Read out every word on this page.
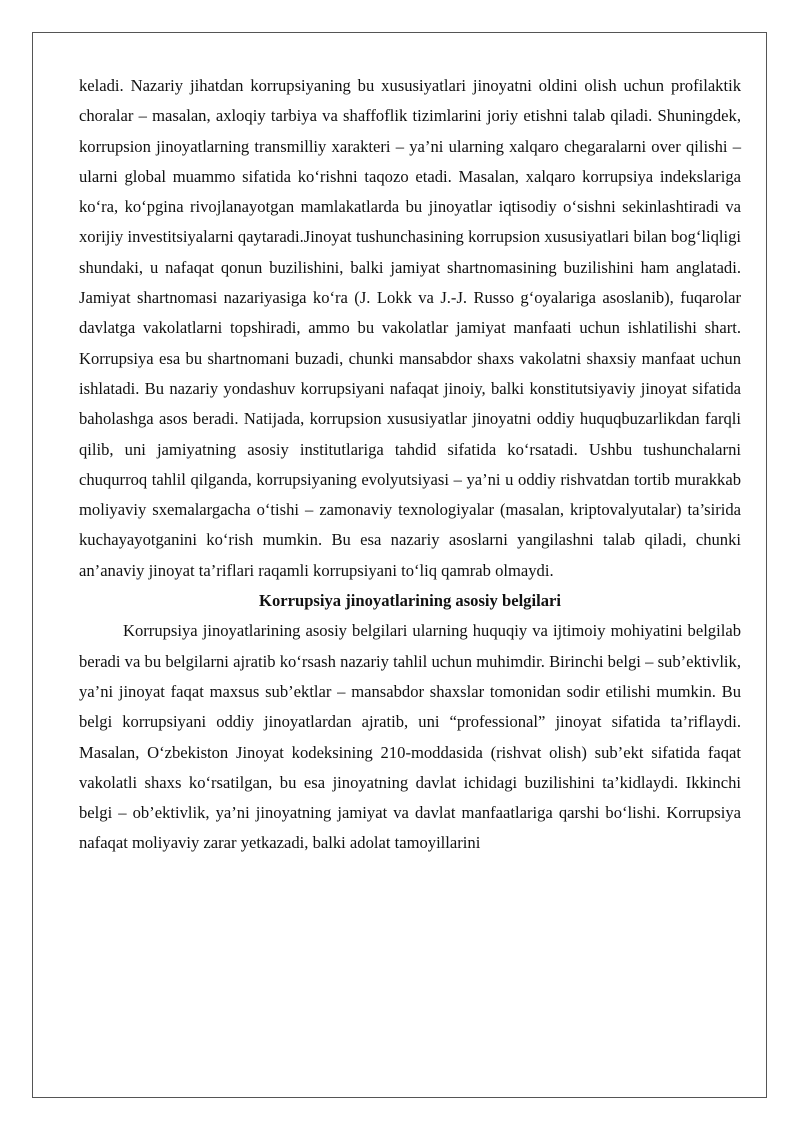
keladi. Nazariy jihatdan korrupsiyaning bu xususiyatlari jinoyatni oldini olish uchun profilaktik choralar – masalan, axloqiy tarbiya va shaffoflik tizimlarini joriy etishni talab qiladi. Shuningdek, korrupsion jinoyatlarning transmilliy xarakteri – ya’ni ularning xalqaro chegaralarni over qilishi – ularni global muammo sifatida ko‘rishni taqozo etadi. Masalan, xalqaro korrupsiya indekslariga ko‘ra, ko‘pgina rivojlanayotgan mamlakatlarda bu jinoyatlar iqtisodiy o‘sishni sekinlashtiradi va xorijiy investitsiyalarni qaytaradi.Jinoyat tushunchasining korrupsion xususiyatlari bilan bog‘liqligi shundaki, u nafaqat qonun buzilishini, balki jamiyat shartnomasining buzilishini ham anglatadi. Jamiyat shartnomasi nazariyasiga ko‘ra (J. Lokk va J.-J. Russo g‘oyalariga asoslanib), fuqarolar davlatga vakolatlarni topshiradi, ammo bu vakolatlar jamiyat manfaati uchun ishlatilishi shart. Korrupsiya esa bu shartnomani buzadi, chunki mansabdor shaxs vakolatni shaxsiy manfaat uchun ishlatadi. Bu nazariy yondashuv korrupsiyani nafaqat jinoiy, balki konstitutsiyaviy jinoyat sifatida baholashga asos beradi. Natijada, korrupsion xususiyatlar jinoyatni oddiy huquqbuzarlikdan farqli qilib, uni jamiyatning asosiy institutlariga tahdid sifatida ko‘rsatadi. Ushbu tushunchalarni chuqurroq tahlil qilganda, korrupsiyaning evolyutsiyasi – ya’ni u oddiy rishvatdan tortib murakkab moliyaviy sxemalargacha o‘tishi – zamonaviy texnologiyalar (masalan, kriptovalyutalar) ta’sirida kuchayayotganini ko‘rish mumkin. Bu esa nazariy asoslarni yangilashni talab qiladi, chunki an’anaviy jinoyat ta’riflari raqamli korrupsiyani to‘liq qamrab olmaydi.

Korrupsiya jinoyatlarining asosiy belgilari

Korrupsiya jinoyatlarining asosiy belgilari ularning huquqiy va ijtimoiy mohiyatini belgilab beradi va bu belgilarni ajratib ko‘rsash nazariy tahlil uchun muhimdir. Birinchi belgi – sub’ektivlik, ya’ni jinoyat faqat maxsus sub’ektlar – mansabdor shaxslar tomonidan sodir etilishi mumkin. Bu belgi korrupsiyani oddiy jinoyatlardan ajratib, uni “professional” jinoyat sifatida ta’riflaydi. Masalan, O‘zbekiston Jinoyat kodeksining 210-moddasida (rishvat olish) sub’ekt sifatida faqat vakolatli shaxs ko‘rsatilgan, bu esa jinoyatning davlat ichidagi buzilishini ta’kidlaydi. Ikkinchi belgi – ob’ektivlik, ya’ni jinoyatning jamiyat va davlat manfaatlariga qarshi bo‘lishi. Korrupsiya nafaqat moliyaviy zarar yetkazadi, balki adolat tamoyillarini
